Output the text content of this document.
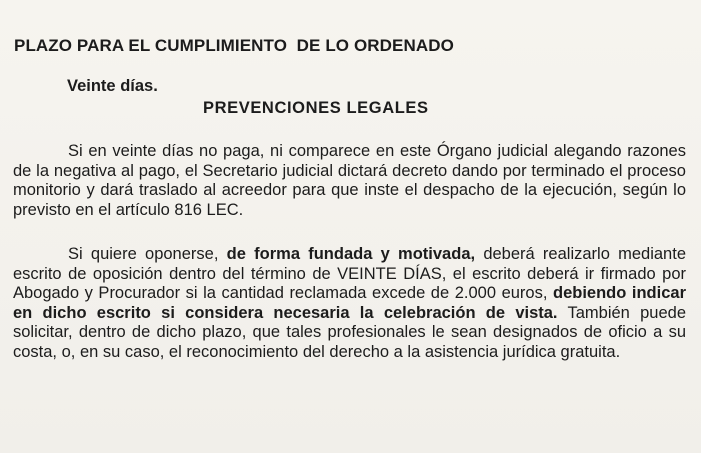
PLAZO PARA EL CUMPLIMIENTO  DE LO ORDENADO
Veinte días.
PREVENCIONES LEGALES
Si en veinte días no paga, ni comparece en este Órgano judicial alegando razones de la negativa al pago, el Secretario judicial dictará decreto dando por terminado el proceso monitorio y dará traslado al acreedor para que inste el despacho de la ejecución, según lo previsto en el artículo 816 LEC.
Si quiere oponerse, de forma fundada y motivada, deberá realizarlo mediante escrito de oposición dentro del término de VEINTE DÍAS, el escrito deberá ir firmado por Abogado y Procurador si la cantidad reclamada excede de 2.000 euros, debiendo indicar en dicho escrito si considera necesaria la celebración de vista. También puede solicitar, dentro de dicho plazo, que tales profesionales le sean designados de oficio a su costa, o, en su caso, el reconocimiento del derecho a la asistencia jurídica gratuita.
